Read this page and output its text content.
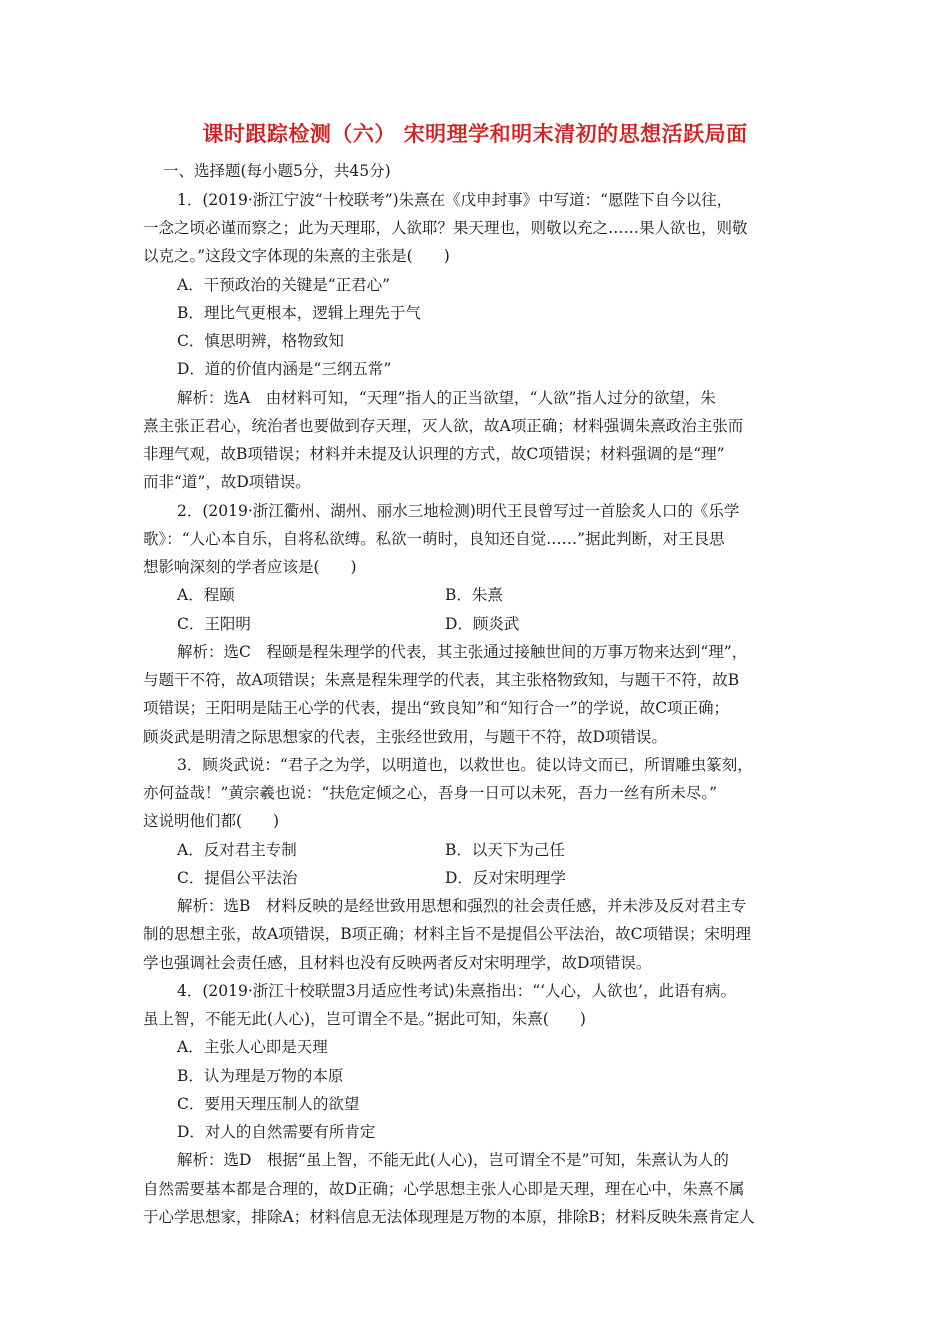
课时跟踪检测（六） 宋明理学和明末清初的思想活跃局面
一、选择题(每小题5分，共45分)
1．(2019·浙江宁波“十校联考”)朱熹在《戊申封事》中写道：“愿陛下自今以往，
一念之顷必谨而察之；此为天理耶，人欲耶？果天理也，则敬以充之……果人欲也，则敬
以克之。”这段文字体现的朱熹的主张是(　　)
A．干预政治的关键是“正君心”
B．理比气更根本，逻辑上理先于气
C．慎思明辨，格物致知
D．道的价值内涵是“三纲五常”
解析：选A　由材料可知，“天理”指人的正当欲望，“人欲”指人过分的欲望，朱
熹主张正君心，统治者也要做到存天理，灭人欲，故A项正确；材料强调朱熹政治主张而
非理气观，故B项错误；材料并未提及认识理的方式，故C项错误；材料强调的是“理”
而非“道”，故D项错误。
2．(2019·浙江衢州、湖州、丽水三地检测)明代王艮曾写过一首脍炙人口的《乐学
歌》：“人心本自乐，自将私欲缚。私欲一萌时，良知还自觉……”据此判断，对王艮思
想影响深刻的学者应该是(　　)
A．程颐	B．朱熹
C．王阳明	D．顾炎武
解析：选C　程颐是程朱理学的代表，其主张通过接触世间的万事万物来达到“理”，
与题干不符，故A项错误；朱熹是程朱理学的代表，其主张格物致知，与题干不符，故B
项错误；王阳明是陆王心学的代表，提出“致良知”和“知行合一”的学说，故C项正确；
顾炎武是明清之际思想家的代表，主张经世致用，与题干不符，故D项错误。
3．顾炎武说：“君子之为学，以明道也，以救世也。徒以诗文而已，所谓雕虫篆刻，
亦何益哉！”黄宗羲也说：“扶危定倾之心，吾身一日可以未死，吾力一丝有所未尽。”
这说明他们都(　　)
A．反对君主专制	B．以天下为己任
C．提倡公平法治	D．反对宋明理学
解析：选B　材料反映的是经世致用思想和强烈的社会责任感，并未涉及反对君主专
制的思想主张，故A项错误，B项正确；材料主旨不是提倡公平法治，故C项错误；宋明理
学也强调社会责任感，且材料也没有反映两者反对宋明理学，故D项错误。
4．(2019·浙江十校联盟3月适应性考试)朱熹指出：“‘人心，人欲也’，此语有病。
虽上智，不能无此(人心)，岂可谓全不是。”据此可知，朱熹(　　)
A．主张人心即是天理
B．认为理是万物的本原
C．要用天理压制人的欲望
D．对人的自然需要有所肯定
解析：选D　根据“虽上智，不能无此(人心)，岂可谓全不是”可知，朱熹认为人的
自然需要基本都是合理的，故D正确；心学思想主张人心即是天理，理在心中，朱熹不属
于心学思想家，排除A；材料信息无法体现理是万物的本原，排除B；材料反映朱熹肯定人
